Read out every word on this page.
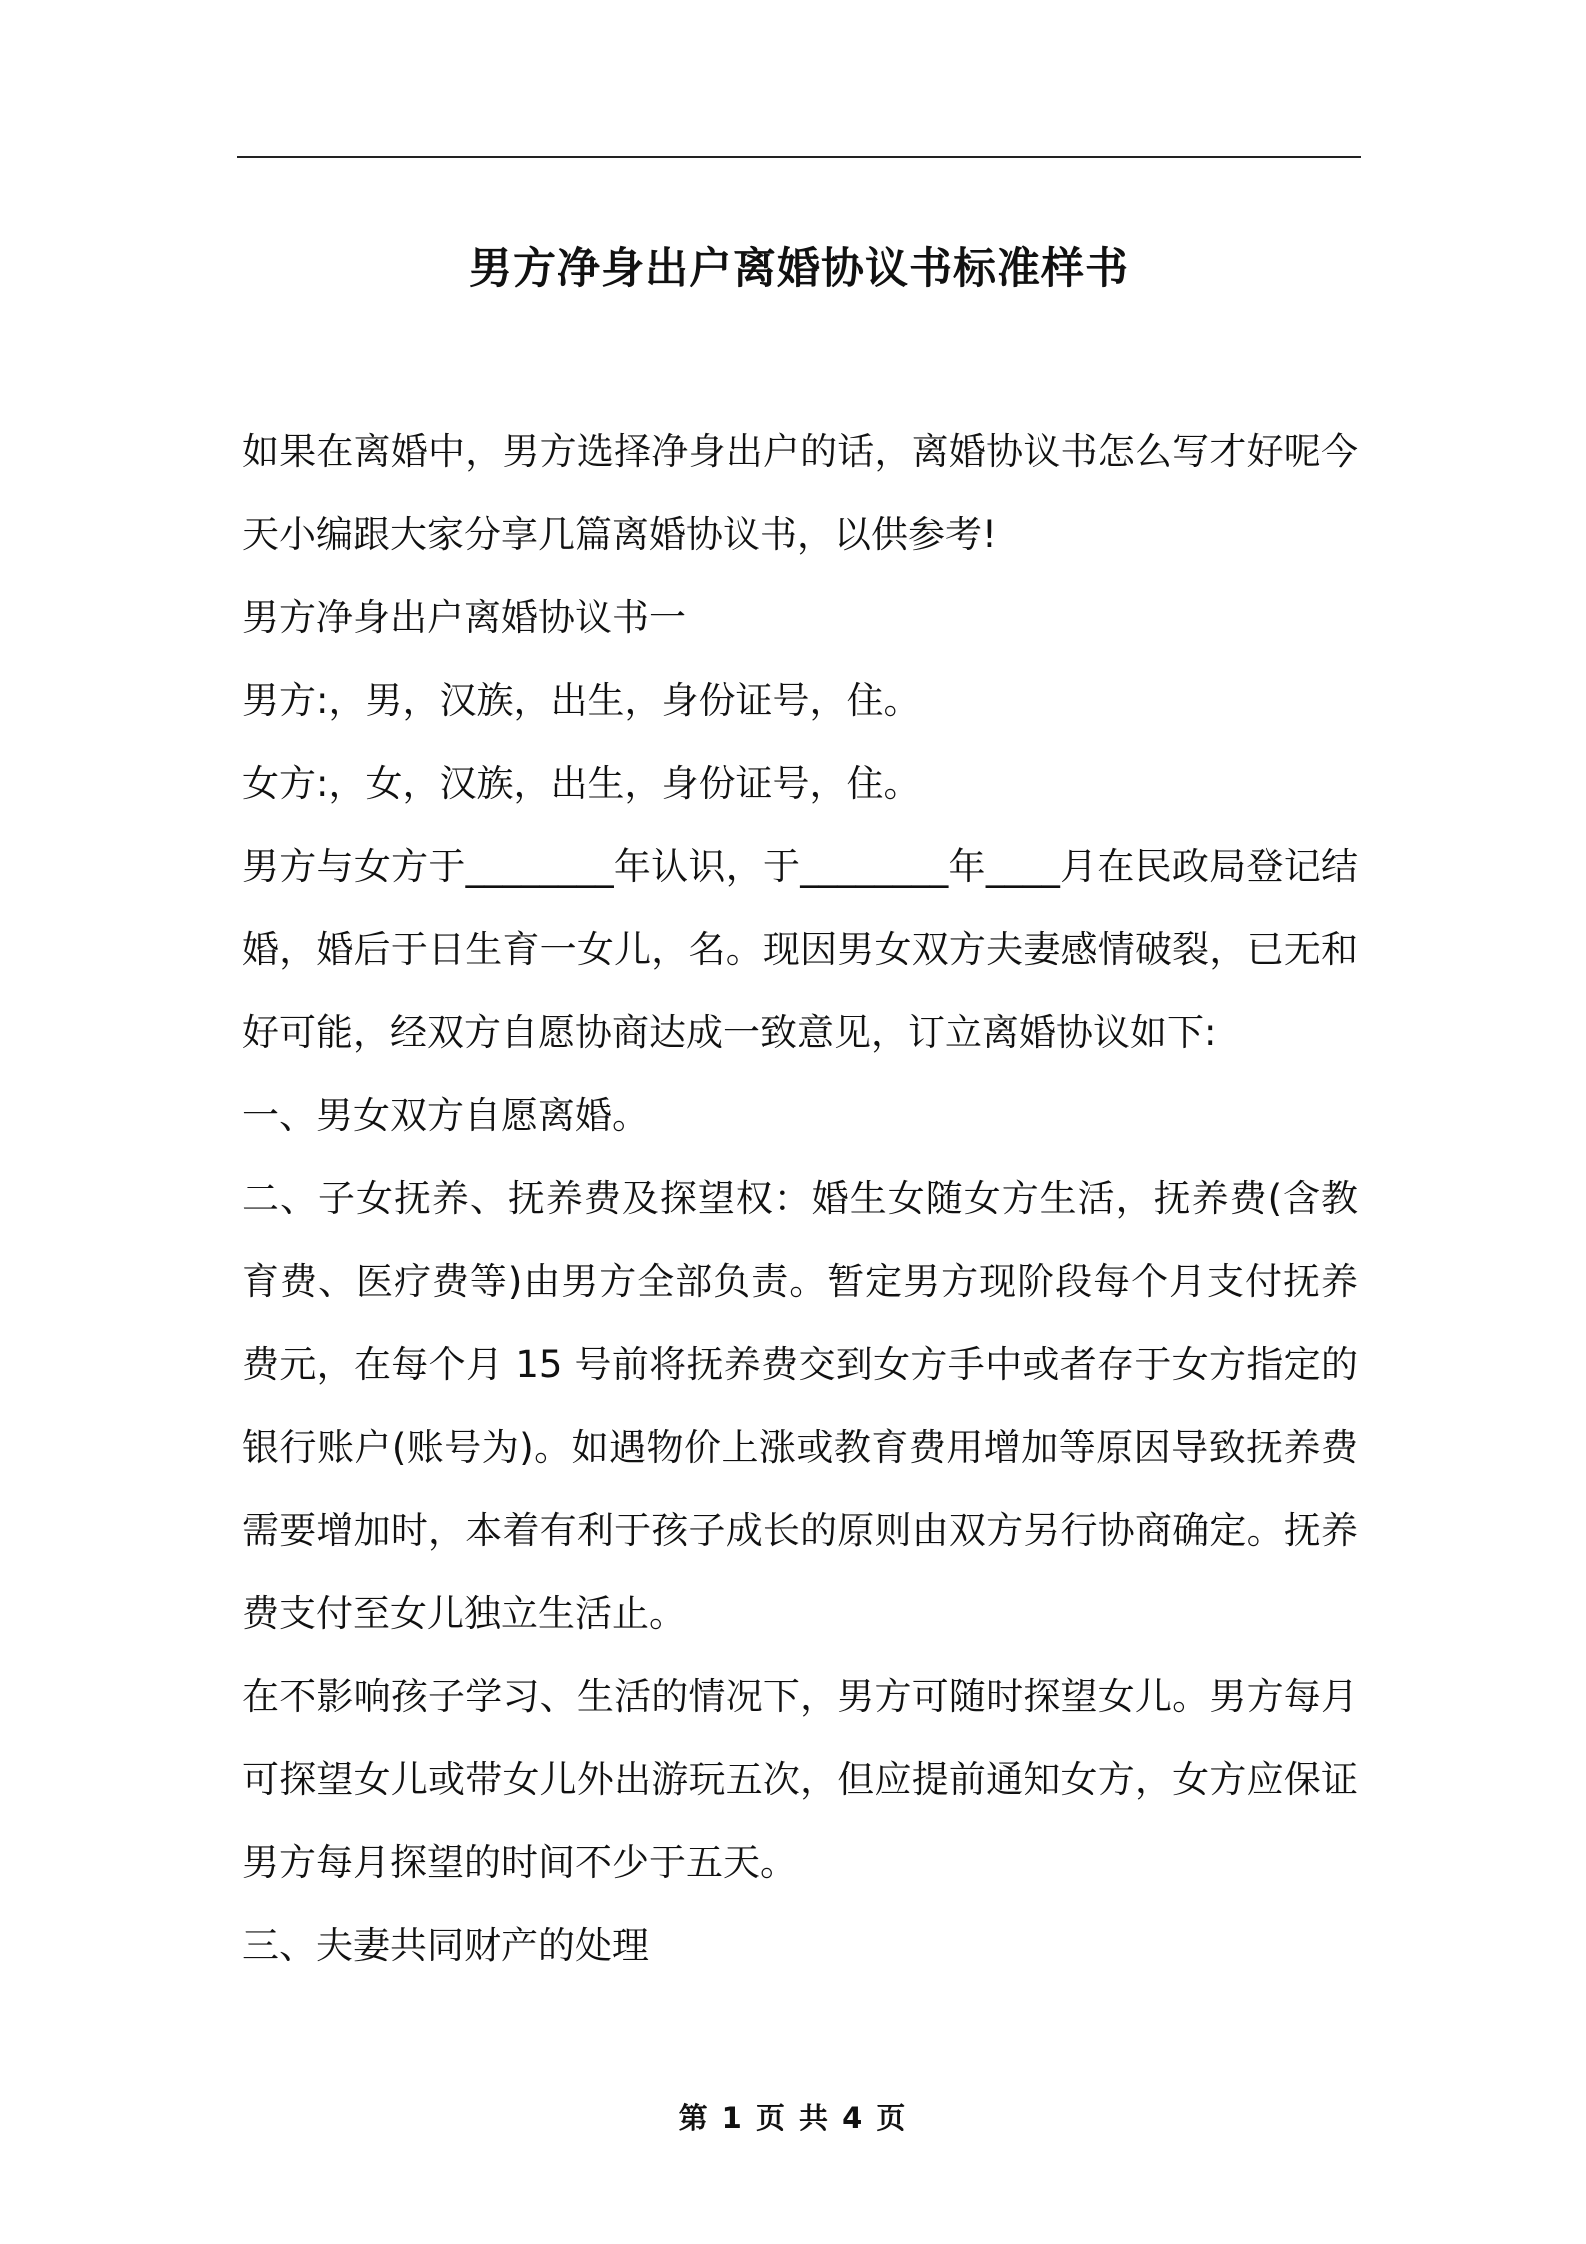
男方净身出户离婚协议书标准样书

如果在离婚中，男方选择净身出户的话，离婚协议书怎么写才好呢今天小编跟大家分享几篇离婚协议书，以供参考!

男方净身出户离婚协议书一

男方:，男，汉族，出生，身份证号，住。

女方:，女，汉族，出生，身份证号，住。

男方与女方于________年认识，于________年____月在民政局登记结婚，婚后于日生育一女儿，名。现因男女双方夫妻感情破裂，已无和好可能，经双方自愿协商达成一致意见，订立离婚协议如下:

一、男女双方自愿离婚。

二、子女抚养、抚养费及探望权：婚生女随女方生活，抚养费(含教育费、医疗费等)由男方全部负责。暂定男方现阶段每个月支付抚养费元，在每个月 15 号前将抚养费交到女方手中或者存于女方指定的银行账户(账号为)。如遇物价上涨或教育费用增加等原因导致抚养费需要增加时，本着有利于孩子成长的原则由双方另行协商确定。抚养费支付至女儿独立生活止。

在不影响孩子学习、生活的情况下，男方可随时探望女儿。男方每月可探望女儿或带女儿外出游玩五次，但应提前通知女方，女方应保证男方每月探望的时间不少于五天。

三、夫妻共同财产的处理

第 1 页 共 4 页
